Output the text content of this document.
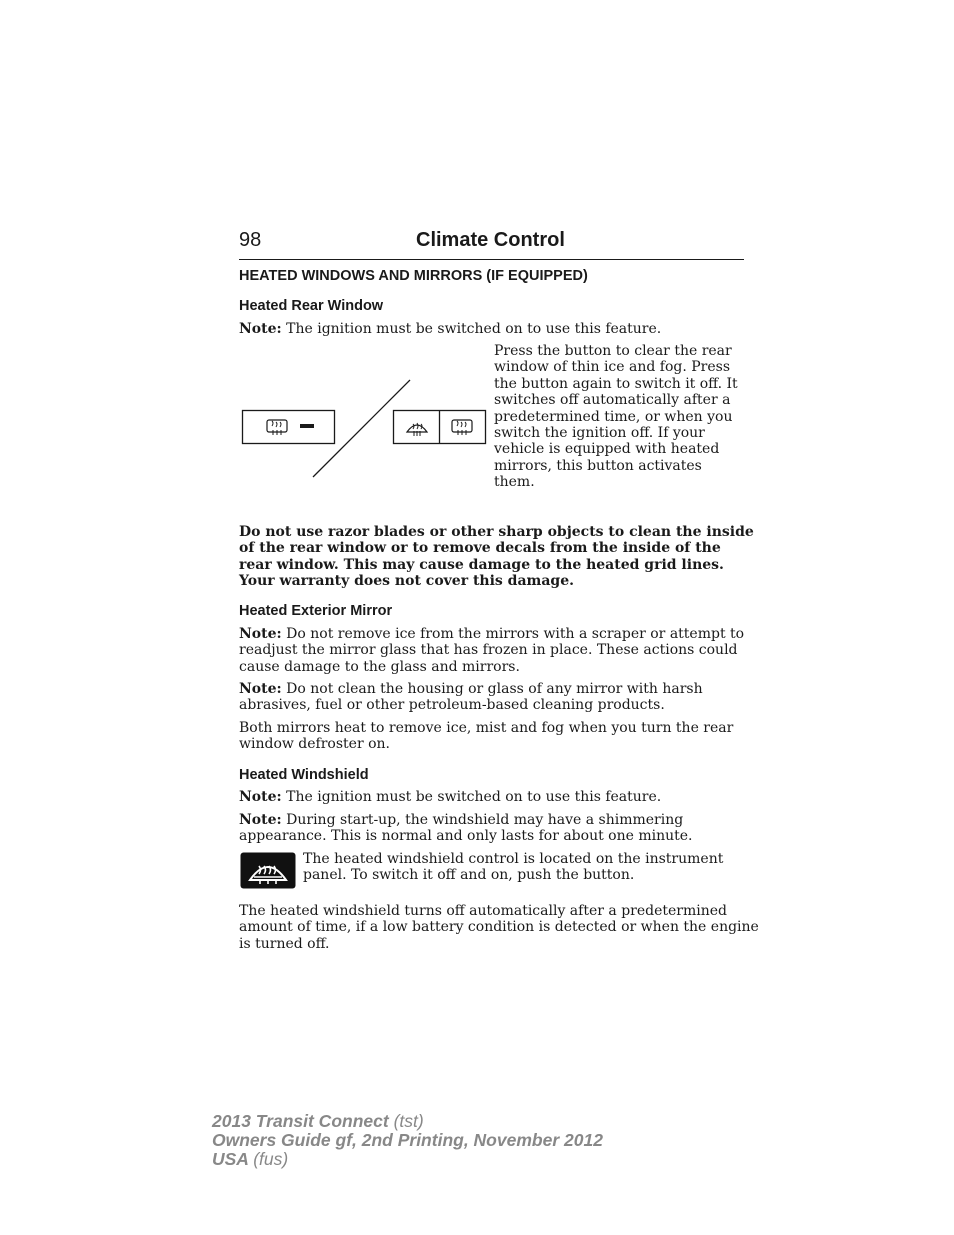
98	Climate Control
HEATED WINDOWS AND MIRRORS (IF EQUIPPED)
Heated Rear Window
Note: The ignition must be switched on to use this feature.
Press the button to clear the rear
window of thin ice and fog. Press
the button again to switch it off. It
switches off automatically after a
predetermined time, or when you
switch the ignition off. If your
vehicle is equipped with heated
mirrors, this button activates them.
Do not use razor blades or other sharp objects to clean the inside
of the rear window or to remove decals from the inside of the
rear window. This may cause damage to the heated grid lines.
Your warranty does not cover this damage.
Heated Exterior Mirror
Note: Do not remove ice from the mirrors with a scraper or attempt to
readjust the mirror glass that has frozen in place. These actions could
cause damage to the glass and mirrors.
Note: Do not clean the housing or glass of any mirror with harsh
abrasives, fuel or other petroleum-based cleaning products.
Both mirrors heat to remove ice, mist and fog when you turn the rear
window defroster on.
Heated Windshield
Note: The ignition must be switched on to use this feature.
Note: During start-up, the windshield may have a shimmering
appearance. This is normal and only lasts for about one minute.
The heated windshield control is located on the instrument
panel. To switch it off and on, push the button.
The heated windshield turns off automatically after a predetermined
amount of time, if a low battery condition is detected or when the engine
is turned off.
2013 Transit Connect (tst)
Owners Guide gf, 2nd Printing, November 2012
USA (fus)
